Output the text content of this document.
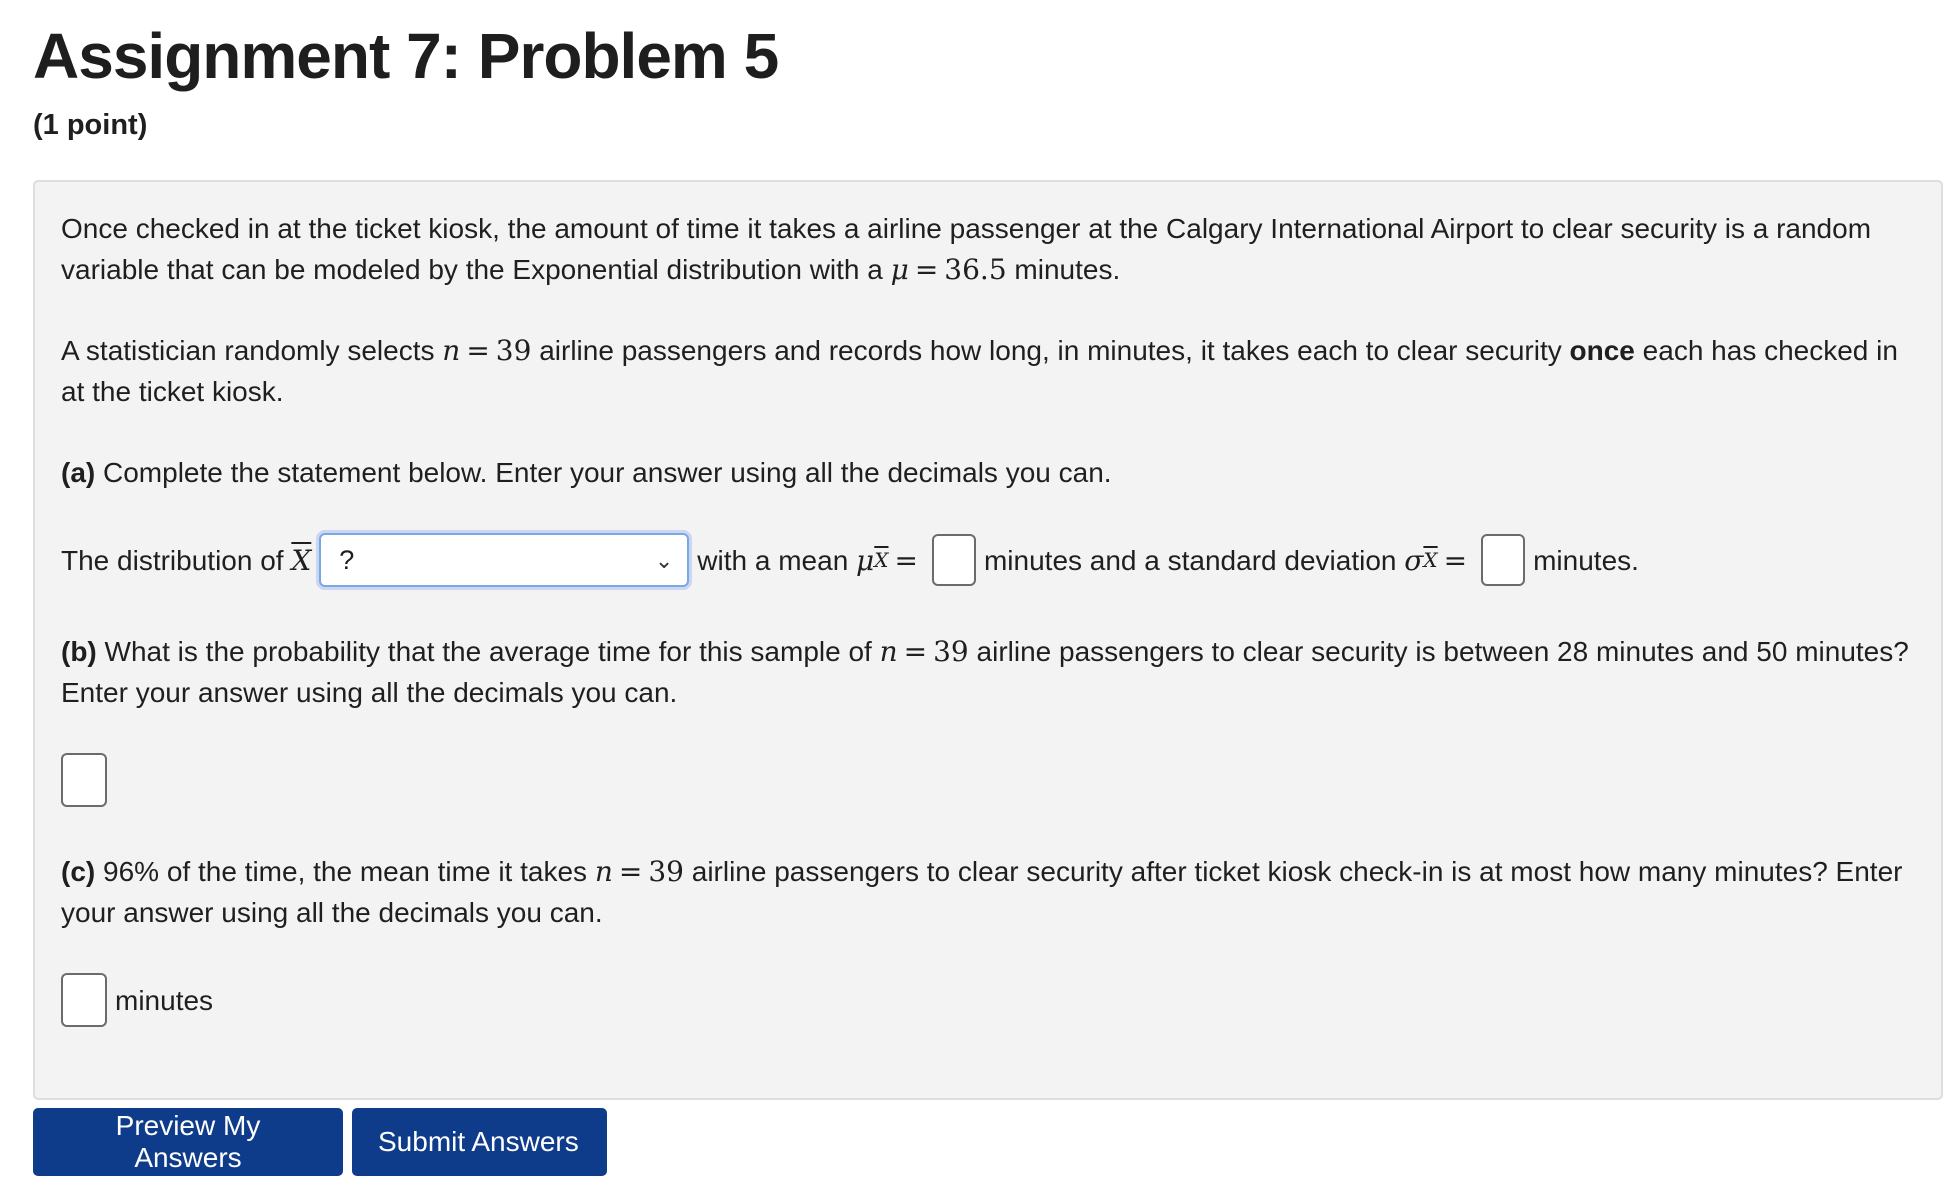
Assignment 7: Problem 5
(1 point)

Once checked in at the ticket kiosk, the amount of time it takes a airline passenger at the Calgary International Airport to clear security is a random variable that can be modeled by the Exponential distribution with a μ = 36.5 minutes.

A statistician randomly selects n = 39 airline passengers and records how long, in minutes, it takes each to clear security once each has checked in at the ticket kiosk.

(a) Complete the statement below. Enter your answer using all the decimals you can.

The distribution of
$\overline{X}$ ?	⌄ with a mean
μ $\overline{X}$ = minutes and a standard deviation
σ $\overline{X}$ = minutes.

(b) What is the probability that the average time for this sample of n = 39 airline passengers to clear security is between 28 minutes and 50 minutes? Enter your answer using all the decimals you can.

(c) 96% of the time, the mean time it takes n = 39 airline passengers to clear security after ticket kiosk check-in is at most how many minutes? Enter your answer using all the decimals you can.

minutes
Preview My Answers
Submit Answers
